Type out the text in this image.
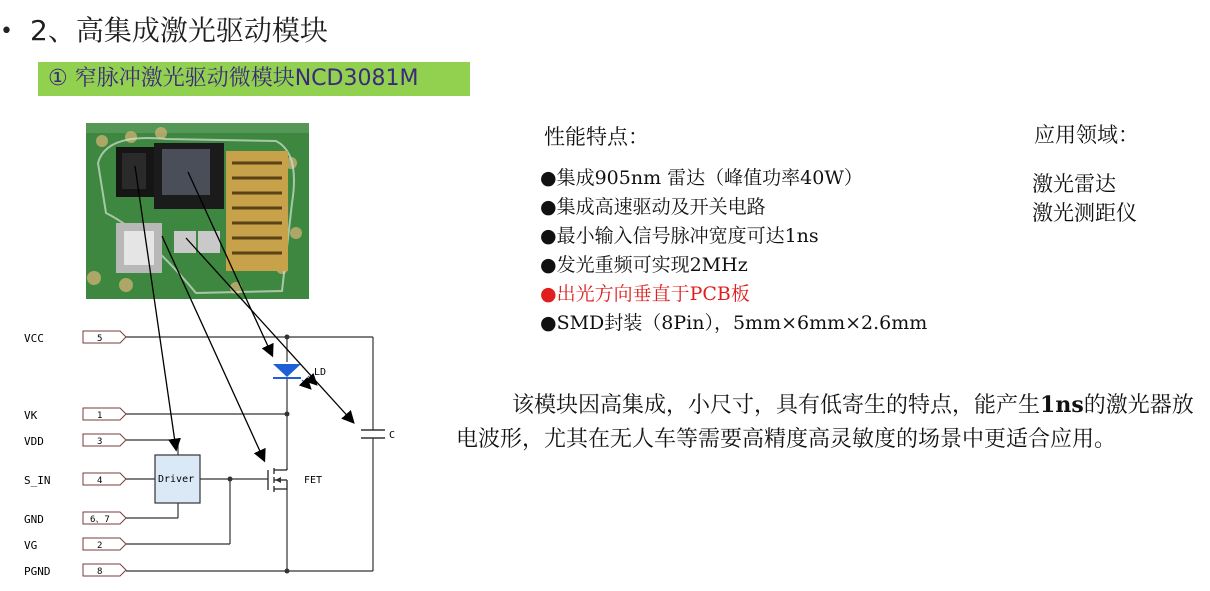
• 2、高集成激光驱动模块
① 窄脉冲激光驱动微模块NCD3081M
VCC
VK
VDD
S_IN
GND
VG
PGND
5
1
3
4
6、7
2
8
LD
C
Driver	FET
性能特点：
●集成905nm 雷达（峰值功率40W）
●集成高速驱动及开关电路
●最小输入信号脉冲宽度可达1ns
●发光重频可实现2MHz
●出光方向垂直于PCB板
●SMD封装（8Pin），5mm×6mm×2.6mm
应用领域：
激光雷达
激光测距仪
该模块因高集成，小尺寸，具有低寄生的特点，能产生1ns的激光器放电波形，尤其在无人车等需要高精度高灵敏度的场景中更适合应用。
